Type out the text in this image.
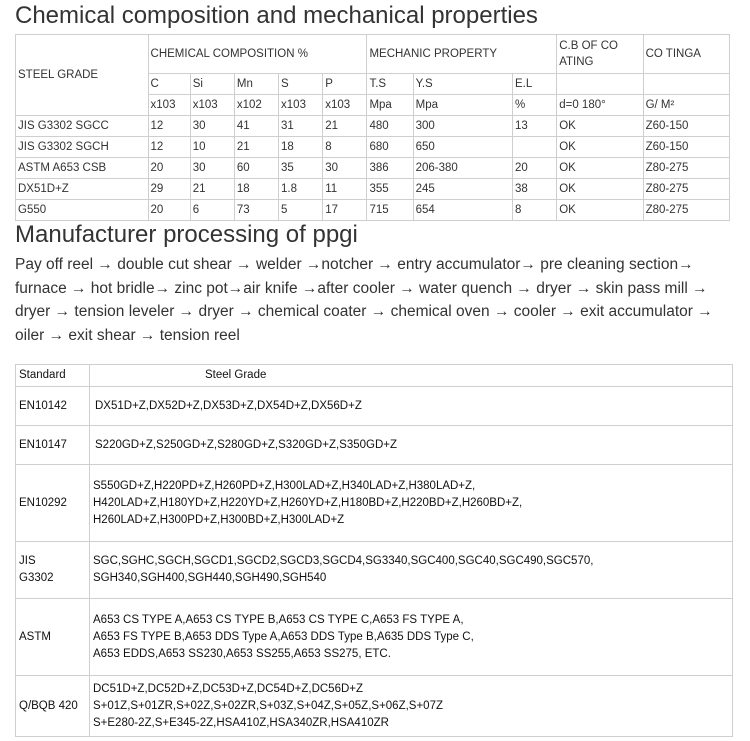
Chemical composition and mechanical properties
STEEL GRADE	CHEMICAL COMPOSITION %					MECHANIC PROPERTY			C.B OF CO ATING	CO TINGA
	C	Si	Mn	S	P	T.S	Y.S	E.L		
	x103	x103	x102	x103	x103	Mpa	Mpa	%	d=0 180°	G/ M²
JIS G3302 SGCC	12	30	41	31	21	480	300	13	OK	Z60-150
JIS G3302 SGCH	12	10	21	18	8	680	650		OK	Z60-150
ASTM A653 CSB	20	30	60	35	30	386	206-380	20	OK	Z80-275
DX51D+Z	29	21	18	1.8	11	355	245	38	OK	Z80-275
G550	20	6	73	5	17	715	654	8	OK	Z80-275
Manufacturer processing of ppgi
Pay off reel → double cut shear → welder →notcher → entry accumulator→ pre cleaning section→ furnace → hot bridle→ zinc pot→air knife →after cooler → water quench → dryer → skin pass mill → dryer → tension leveler → dryer → chemical coater → chemical oven → cooler → exit accumulator → oiler → exit shear → tension reel
Standard	Steel Grade
EN10142	DX51D+Z,DX52D+Z,DX53D+Z,DX54D+Z,DX56D+Z

EN10147	S220GD+Z,S250GD+Z,S280GD+Z,S320GD+Z,S350GD+Z

EN10292	S550GD+Z,H220PD+Z,H260PD+Z,H300LAD+Z,H340LAD+Z,H380LAD+Z,
H420LAD+Z,H180YD+Z,H220YD+Z,H260YD+Z,H180BD+Z,H220BD+Z,H260BD+Z,
H260LAD+Z,H300PD+Z,H300BD+Z,H300LAD+Z

JIS G3302	SGC,SGHC,SGCH,SGCD1,SGCD2,SGCD3,SGCD4,SG3340,SGC400,SGC40,SGC490,SGC570,
SGH340,SGH400,SGH440,SGH490,SGH540

ASTM	A653 CS TYPE A,A653 CS TYPE B,A653 CS TYPE C,A653 FS TYPE A,
A653 FS TYPE B,A653 DDS Type A,A653 DDS Type B,A635 DDS Type C,
A653 EDDS,A653 SS230,A653 SS255,A653 SS275, ETC.

Q/BQB 420	DC51D+Z,DC52D+Z,DC53D+Z,DC54D+Z,DC56D+Z
S+01Z,S+01ZR,S+02Z,S+02ZR,S+03Z,S+04Z,S+05Z,S+06Z,S+07Z
S+E280-2Z,S+E345-2Z,HSA410Z,HSA340ZR,HSA410ZR
